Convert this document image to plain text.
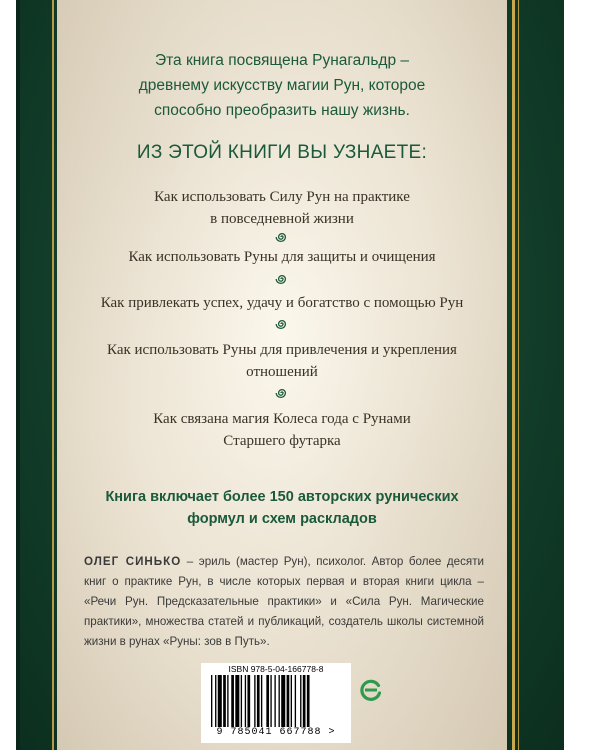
Эта книга посвящена Рунагальдр –
древнему искусству магии Рун, которое
способно преобразить нашу жизнь.
ИЗ ЭТОЙ КНИГИ ВЫ УЗНАЕТЕ:
Как использовать Силу Рун на практике
в повседневной жизни
Как использовать Руны для защиты и очищения
Как привлекать успех, удачу и богатство с помощью Рун
Как использовать Руны для привлечения и укрепления
отношений
Как связана магия Колеса года с Рунами
Старшего футарка
Книга включает более 150 авторских рунических
формул и схем раскладов
ОЛЕГ СИНЬКО – эриль (мастер Рун), психолог. Автор более десяти книг о практике Рун, в числе которых первая и вторая книги цикла – «Речи Рун. Предсказательные практики» и «Сила Рун. Магические практики», множества статей и публикаций, создатель школы системной жизни в рунах «Руны: зов в Путь».
ISBN 978-5-04-166778-8
9 785041 667788 >
